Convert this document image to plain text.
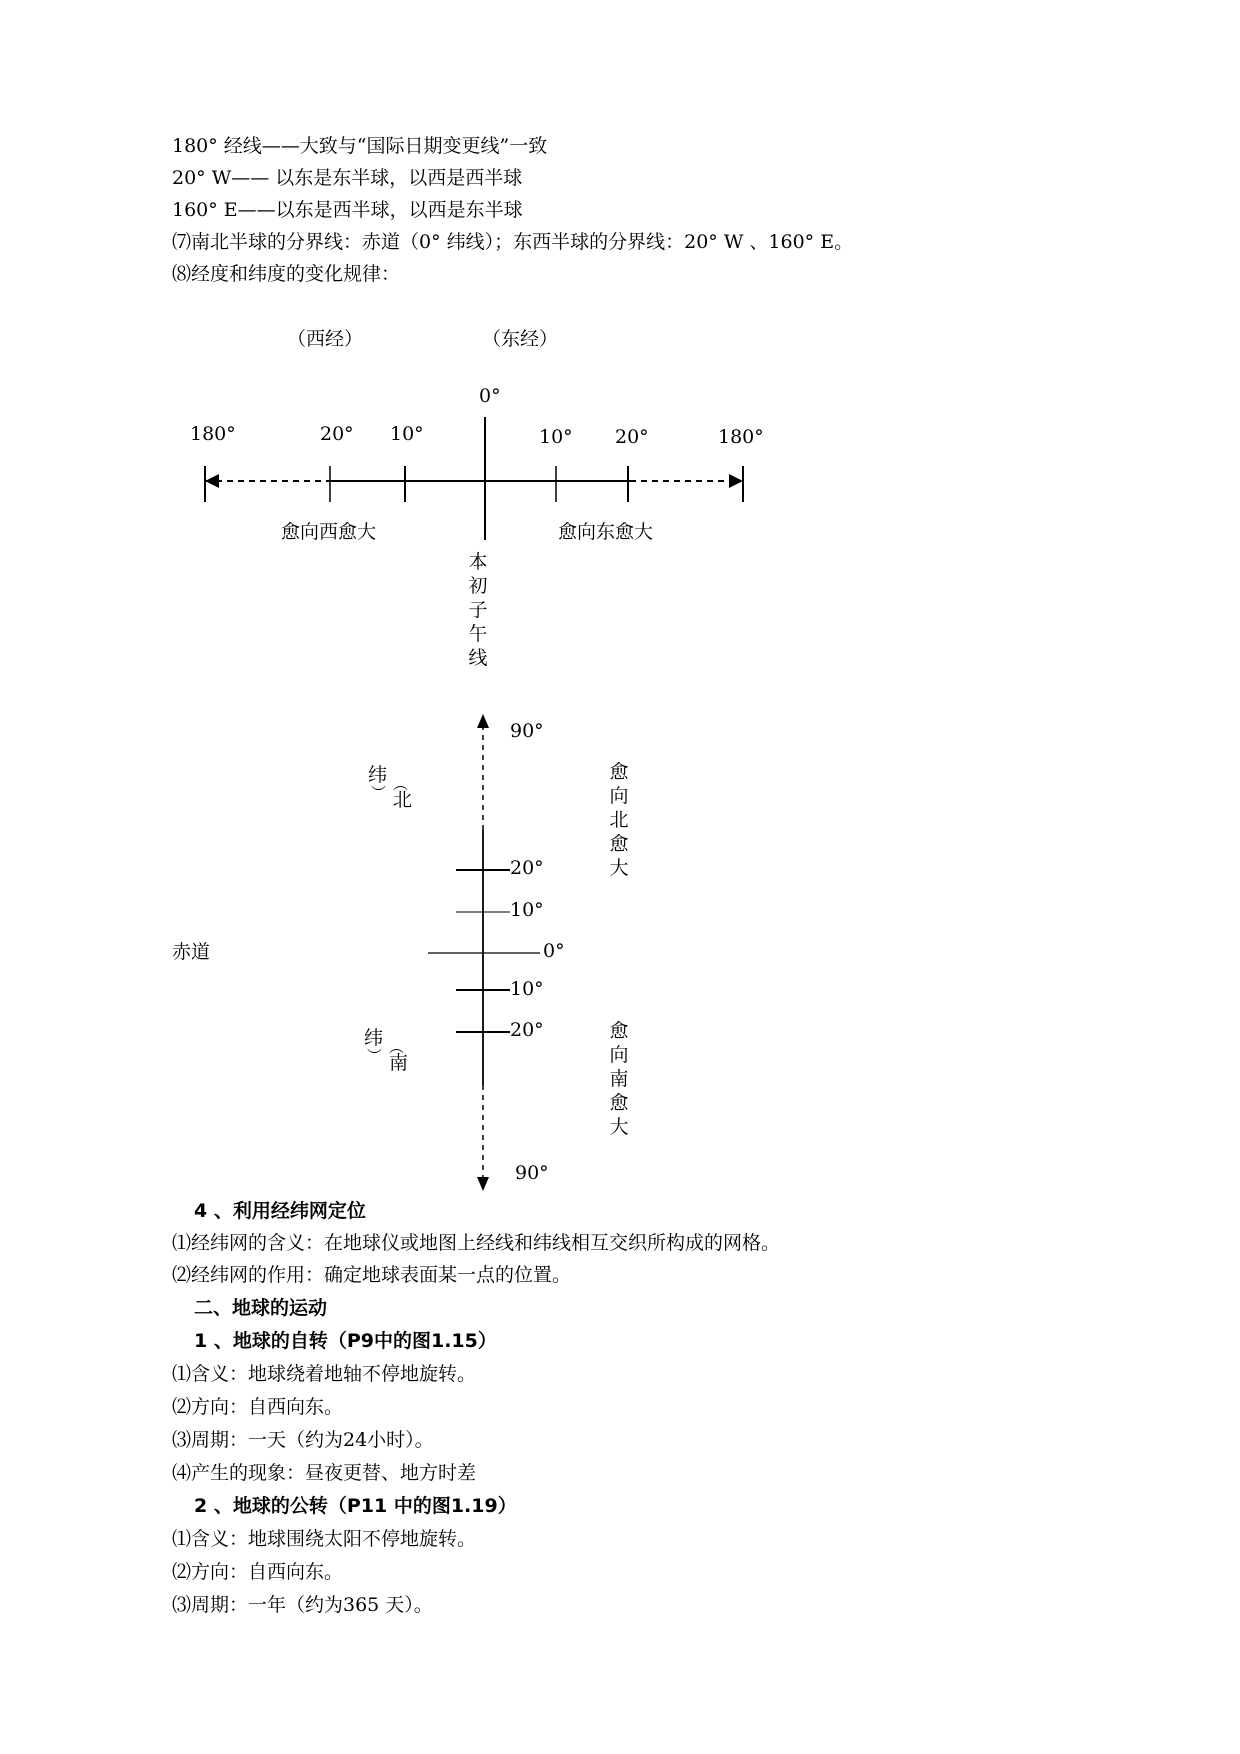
180° 经线——大致与“国际日期变更线”一致
20° W—— 以东是东半球，以西是西半球
160° E——以东是西半球，以西是东半球
⑺南北半球的分界线：赤道（0° 纬线）；东西半球的分界线：20° W 、160° E。
⑻经度和纬度的变化规律：
（西经）	（东经）
0°
180°	20° 10°	10° 20°	180°
愈向西愈大	愈向东愈大
本初子午线
90°
20°
10°
0°
10°
20°
90°
赤道
纬
︶ ︵
北
纬
︶ ︵
南
愈向北愈大
愈向南愈大
4 、利用经纬网定位
⑴经纬网的含义：在地球仪或地图上经线和纬线相互交织所构成的网格。
⑵经纬网的作用：确定地球表面某一点的位置。
二、地球的运动
1 、地球的自转（P9中的图1.15）
⑴含义：地球绕着地轴不停地旋转。
⑵方向：自西向东。
⑶周期：一天（约为24小时）。
⑷产生的现象：昼夜更替、地方时差
2 、地球的公转（P11 中的图1.19）
⑴含义：地球围绕太阳不停地旋转。
⑵方向：自西向东。
⑶周期：一年（约为365 天）。
